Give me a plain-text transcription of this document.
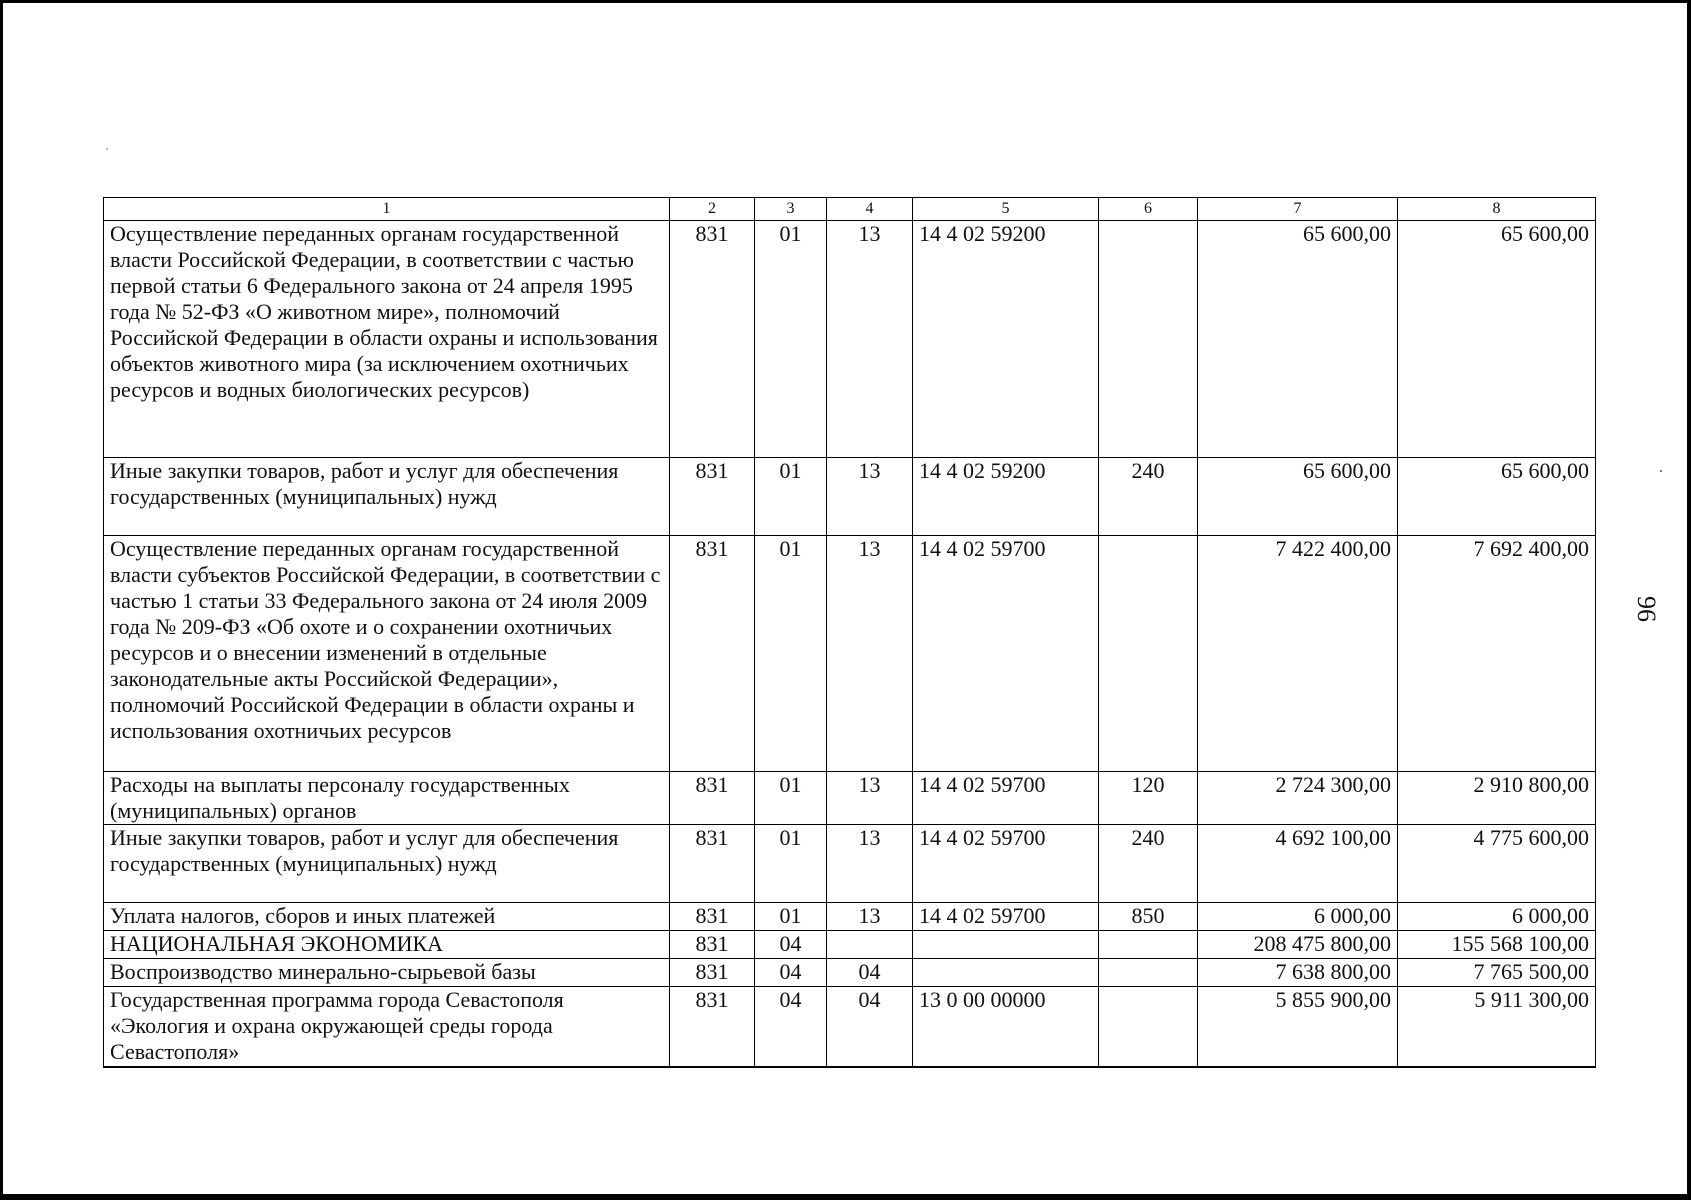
96
1	2	3	4	5	6	7	8
Осуществление переданных органам государственной власти Российской Федерации, в соответствии с частью первой статьи 6 Федерального закона от 24 апреля 1995 года № 52-ФЗ «О животном мире», полномочий Российской Федерации в области охраны и использования объектов животного мира (за исключением охотничьих ресурсов и водных биологических ресурсов)	831	01	13	14 4 02 59200		65 600,00	65 600,00
Иные закупки товаров, работ и услуг для обеспечения государственных (муниципальных) нужд	831	01	13	14 4 02 59200	240	65 600,00	65 600,00
Осуществление переданных органам государственной власти субъектов Российской Федерации, в соответствии с частью 1 статьи 33 Федерального закона от 24 июля 2009 года № 209-ФЗ «Об охоте и о сохранении охотничьих ресурсов и о внесении изменений в отдельные законодательные акты Российской Федерации», полномочий Российской Федерации в области охраны и использования охотничьих ресурсов	831	01	13	14 4 02 59700		7 422 400,00	7 692 400,00
Расходы на выплаты персоналу государственных (муниципальных) органов	831	01	13	14 4 02 59700	120	2 724 300,00	2 910 800,00
Иные закупки товаров, работ и услуг для обеспечения государственных (муниципальных) нужд	831	01	13	14 4 02 59700	240	4 692 100,00	4 775 600,00
Уплата налогов, сборов и иных платежей	831	01	13	14 4 02 59700	850	6 000,00	6 000,00
НАЦИОНАЛЬНАЯ ЭКОНОМИКА	831	04				208 475 800,00	155 568 100,00
Воспроизводство минерально-сырьевой базы	831	04	04			7 638 800,00	7 765 500,00
Государственная программа города Севастополя «Экология и охрана окружающей среды города Севастополя»	831	04	04	13 0 00 00000		5 855 900,00	5 911 300,00
